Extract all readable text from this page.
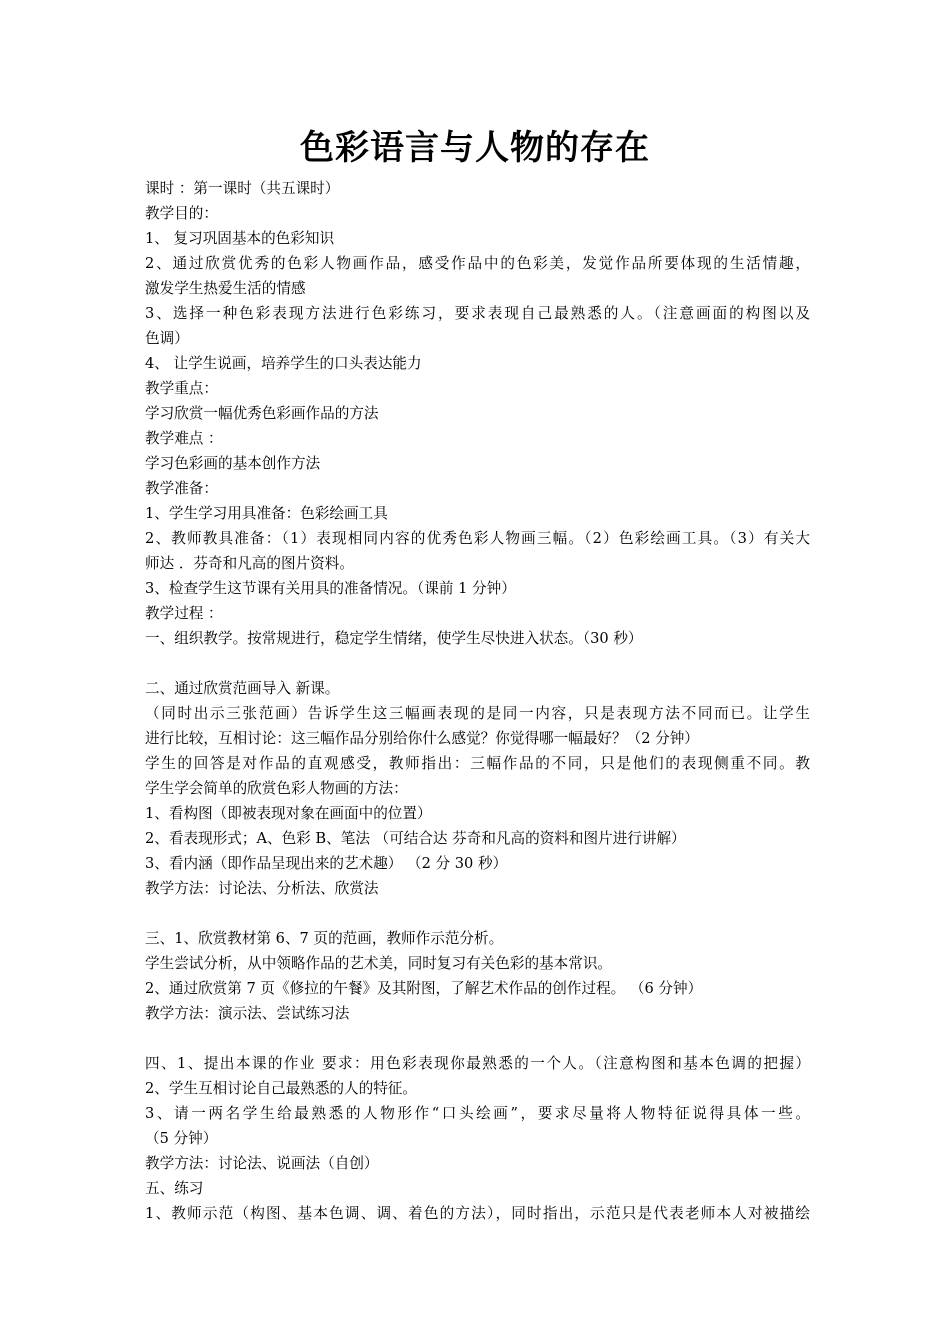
色彩语言与人物的存在
课时 ：第一课时（共五课时）
教学目的：
1、 复习巩固基本的色彩知识
2、通过欣赏优秀的色彩人物画作品，感受作品中的色彩美，发觉作品所要体现的生活情趣，
激发学生热爱生活的情感
3、选择一种色彩表现方法进行色彩练习，要求表现自己最熟悉的人。（注意画面的构图以及
色调）
4、 让学生说画，培养学生的口头表达能力
教学重点：
学习欣赏一幅优秀色彩画作品的方法
教学难点 ：
学习色彩画的基本创作方法
教学准备：
1、学生学习用具准备：色彩绘画工具
2、教师教具准备：（1）表现相同内容的优秀色彩人物画三幅。（2）色彩绘画工具。（3）有关大
师达 ．芬奇和凡高的图片资料。
3、检查学生这节课有关用具的准备情况。（课前 1 分钟）
教学过程 ：
一、组织教学。按常规进行，稳定学生情绪，使学生尽快进入状态。（30 秒）
二、通过欣赏范画导入 新课。
（同时出示三张范画）告诉学生这三幅画表现的是同一内容，只是表现方法不同而已。让学生
进行比较，互相讨论：这三幅作品分别给你什么感觉？你觉得哪一幅最好？（2 分钟）
学生的回答是对作品的直观感受，教师指出：三幅作品的不同，只是他们的表现侧重不同。教
学生学会简单的欣赏色彩人物画的方法：
1、看构图（即被表现对象在画面中的位置）
2、看表现形式；A、色彩 B、笔法 （可结合达 芬奇和凡高的资料和图片进行讲解）
3、看内涵（即作品呈现出来的艺术趣） （2 分 30 秒）
教学方法：讨论法、分析法、欣赏法
三、1、欣赏教材第 6、7 页的范画，教师作示范分析。
学生尝试分析，从中领略作品的艺术美，同时复习有关色彩的基本常识。
2、通过欣赏第 7 页《修拉的午餐》及其附图，了解艺术作品的创作过程。 （6 分钟）
教学方法：演示法、尝试练习法
四、1、提出本课的作业 要求：用色彩表现你最熟悉的一个人。（注意构图和基本色调的把握）
2、学生互相讨论自己最熟悉的人的特征。
3、请一两名学生给最熟悉的人物形作“口头绘画”，要求尽量将人物特征说得具体一些。
（5 分钟）
教学方法：讨论法、说画法（自创）
五、练习
1、教师示范（构图、基本色调、调、着色的方法），同时指出，示范只是代表老师本人对被描绘
